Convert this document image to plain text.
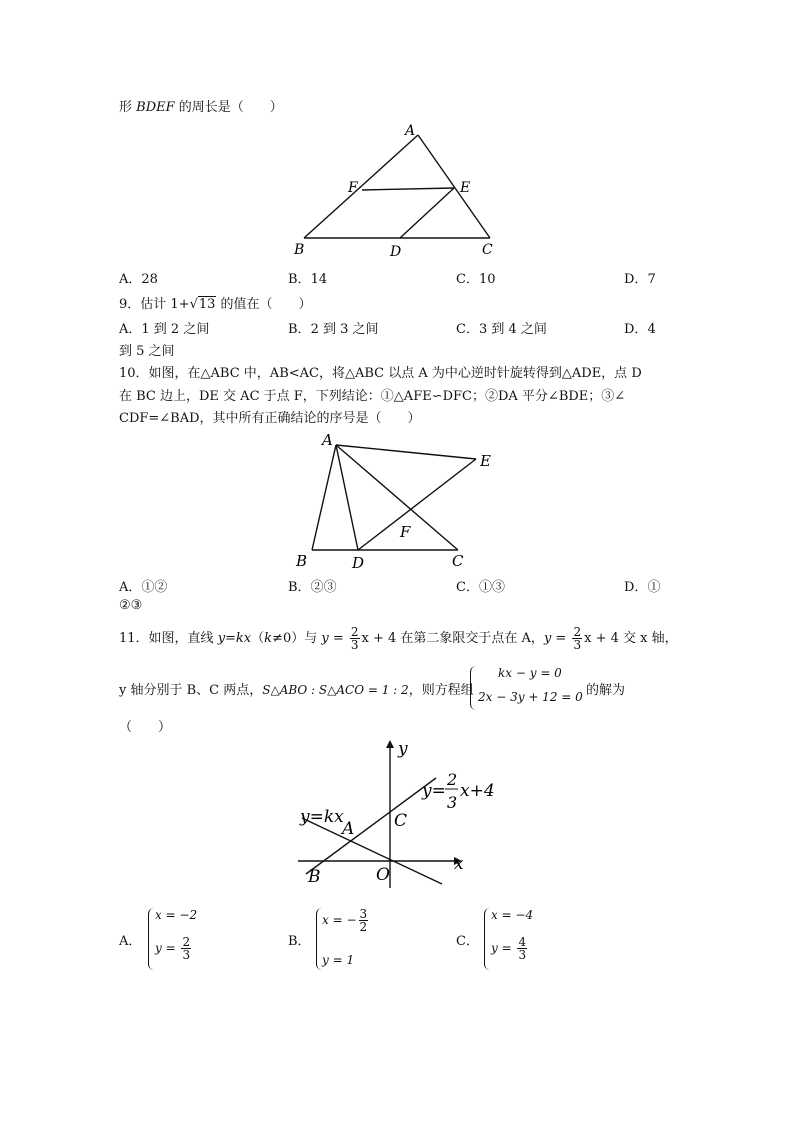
形 BDEF 的周长是（　　）
A
F	E
B	D	C
A．28	B．14	C．10	D．7
9．估计 1+√13 的值在（　　）
A．1 到 2 之间	B．2 到 3 之间	C．3 到 4 之间	D．4
到 5 之间
10．如图，在△ABC 中，AB<AC，将△ABC 以点 A 为中心逆时针旋转得到△ADE，点 D
在 BC 边上，DE 交 AC 于点 F，下列结论：①△AFE∽DFC；②DA 平分∠BDE；③∠
CDF=∠BAD，其中所有正确结论的序号是（　　）
A
E
F
B	D	C
A．①②	B．②③	C．①③	D．①
②③
11．如图，直线 y=kx（k≠0）与 $y = \frac{2}{3}$ x + 4 在第二象限交于点在 A，$y = \frac{2}{3}$ x + 4 交 x 轴，
y 轴分别于 B、C 两点，S△ABO : S△ACO = 1 : 2，则方程组
kx − y = 0
2x − 3y + 12 = 0 的解为
（　　）
y
x
y=
2
3
x+4
y=kx
A C
B	O
A．
x = −2
$y = \frac{2}{3}$	B．
x = − $\frac{3}{2}$
y = 1
C．
x = −4
$y = \frac{4}{3}$
